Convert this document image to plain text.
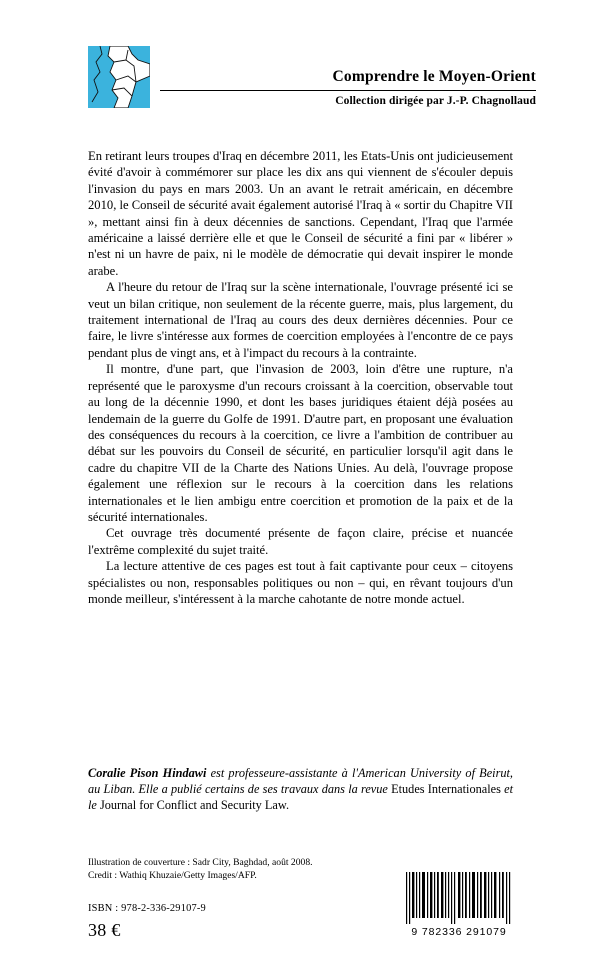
Comprendre le Moyen-Orient
Collection dirigée par J.-P. Chagnollaud

En retirant leurs troupes d'Iraq en décembre 2011, les Etats-Unis ont judicieusement évité d'avoir à commémorer sur place les dix ans qui viennent de s'écouler depuis l'invasion du pays en mars 2003. Un an avant le retrait américain, en décembre 2010, le Conseil de sécurité avait également autorisé l'Iraq à « sortir du Chapitre VII », mettant ainsi fin à deux décennies de sanctions. Cependant, l'Iraq que l'armée américaine a laissé derrière elle et que le Conseil de sécurité a fini par « libérer » n'est ni un havre de paix, ni le modèle de démocratie qui devait inspirer le monde arabe.

A l'heure du retour de l'Iraq sur la scène internationale, l'ouvrage présenté ici se veut un bilan critique, non seulement de la récente guerre, mais, plus largement, du traitement international de l'Iraq au cours des deux dernières décennies. Pour ce faire, le livre s'intéresse aux formes de coercition employées à l'encontre de ce pays pendant plus de vingt ans, et à l'impact du recours à la contrainte.

Il montre, d'une part, que l'invasion de 2003, loin d'être une rupture, n'a représenté que le paroxysme d'un recours croissant à la coercition, observable tout au long de la décennie 1990, et dont les bases juridiques étaient déjà posées au lendemain de la guerre du Golfe de 1991. D'autre part, en proposant une évaluation des conséquences du recours à la coercition, ce livre a l'ambition de contribuer au débat sur les pouvoirs du Conseil de sécurité, en particulier lorsqu'il agit dans le cadre du chapitre VII de la Charte des Nations Unies. Au delà, l'ouvrage propose également une réflexion sur le recours à la coercition dans les relations internationales et le lien ambigu entre coercition et promotion de la paix et de la sécurité internationales.

Cet ouvrage très documenté présente de façon claire, précise et nuancée l'extrême complexité du sujet traité.

La lecture attentive de ces pages est tout à fait captivante pour ceux – citoyens spécialistes ou non, responsables politiques ou non – qui, en rêvant toujours d'un monde meilleur, s'intéressent à la marche cahotante de notre monde actuel.

Coralie Pison Hindawi est professeure-assistante à l'American University of Beirut, au Liban. Elle a publié certains de ses travaux dans la revue Etudes Internationales et le Journal for Conflict and Security Law.
Illustration de couverture : Sadr City, Baghdad, août 2008.
Credit : Wathiq Khuzaie/Getty Images/AFP.
ISBN : 978-2-336-29107-9
38 €	9 782336 291079
